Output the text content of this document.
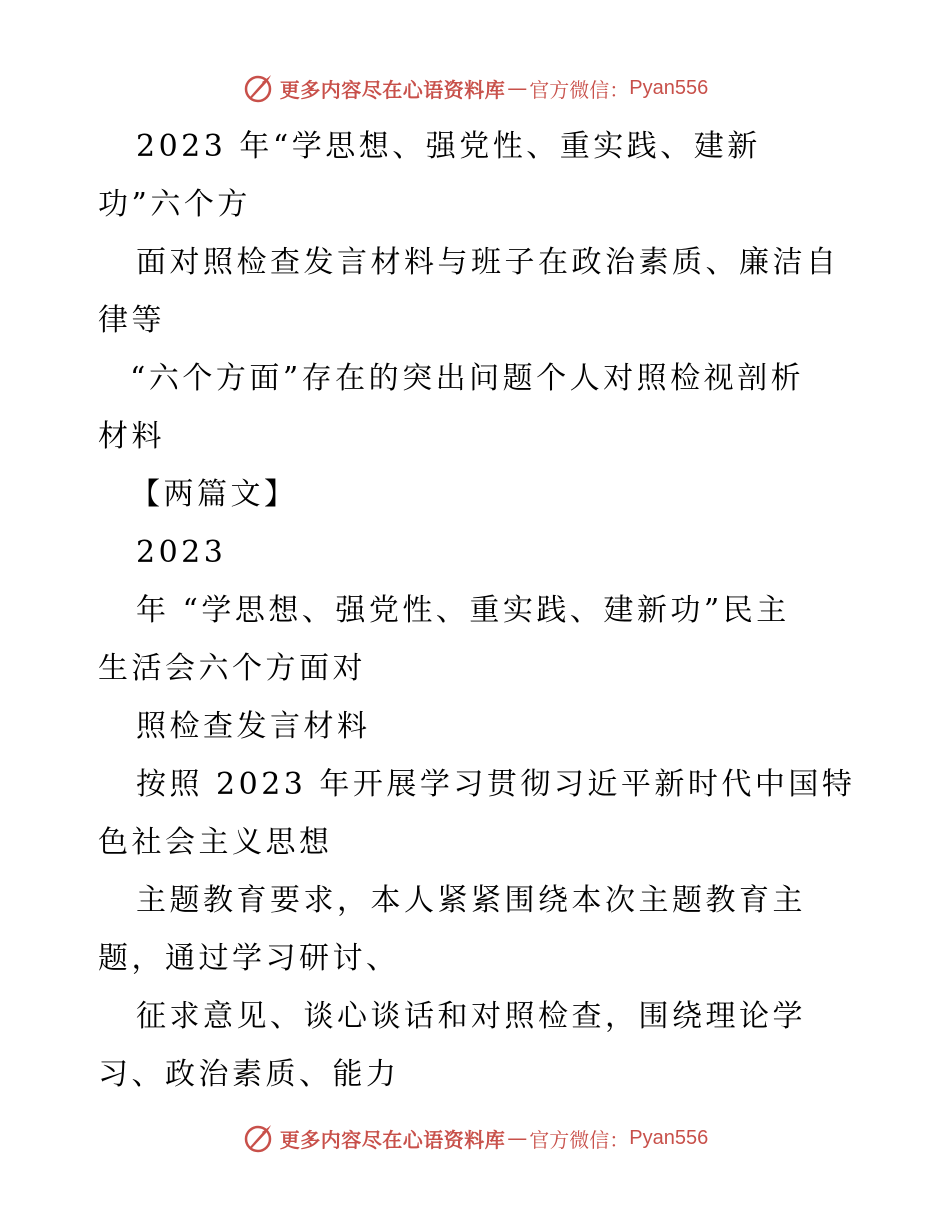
更多内容尽在心语资料库 — 官方微信： Pyan556

2023 年“学思想、强党性、重实践、建新

功”六个方

面对照检查发言材料与班子在政治素质、廉洁自

律等

“六个方面”存在的突出问题个人对照检视剖析

材料

【两篇文】

2023

年 “学思想、强党性、重实践、建新功”民主

生活会六个方面对

照检查发言材料

按照 2023 年开展学习贯彻习近平新时代中国特

色社会主义思想

主题教育要求，本人紧紧围绕本次主题教育主

题，通过学习研讨、

征求意见、谈心谈话和对照检查，围绕理论学

习、政治素质、能力

更多内容尽在心语资料库 — 官方微信： Pyan556
